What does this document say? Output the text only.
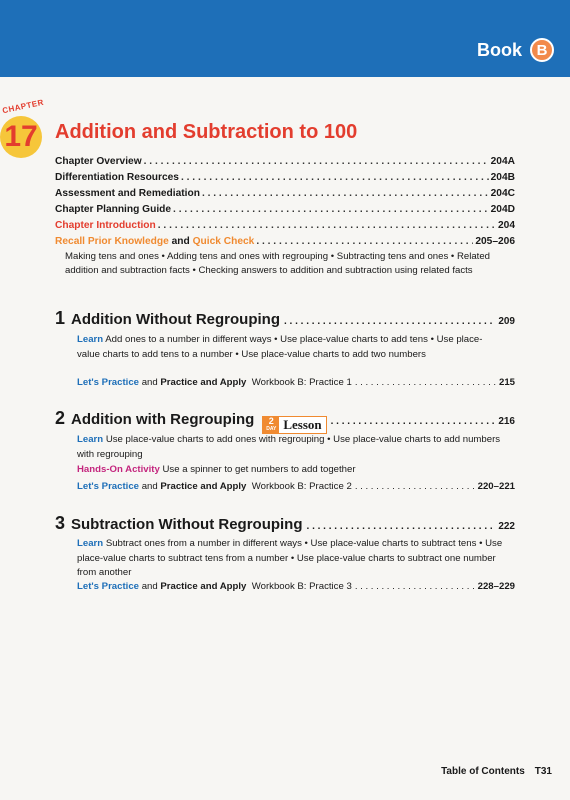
Book B
CHAPTER
17 Addition and Subtraction to 100
Chapter Overview . . .	204A
Differentiation Resources . . .	204B
Assessment and Remediation . . .	204C
Chapter Planning Guide . . .	204D
Chapter Introduction . . .	204
Recall Prior Knowledge
and
Quick Check . . .	205–206
Making tens and ones • Adding tens and ones with regrouping • Subtracting tens and ones • Related addition and subtraction facts • Checking answers to addition and subtraction using related facts
1 Addition Without Regrouping . . .	209
Learn Add ones to a number in different ways • Use place-value charts to add tens • Use place-value charts to add tens to a number • Use place-value charts to add two numbers
Let's Practice
and
Practice and Apply
Workbook B: Practice 1 . . .	215
2 Addition with Regrouping 2
DAY Lesson . . .	216
Learn Use place-value charts to add ones with regrouping • Use place-value charts to add numbers with regrouping
Hands-On Activity Use a spinner to get numbers to add together
Let's Practice
and
Practice and Apply
Workbook B: Practice 2 . . .	220–221
3 Subtraction Without Regrouping . . .	222
Learn Subtract ones from a number in different ways • Use place-value charts to subtract tens • Use place-value charts to subtract tens from a number • Use place-value charts to subtract one number from another
Let's Practice
and
Practice and Apply
Workbook B: Practice 3 . . .	228–229
Table of Contents T31
